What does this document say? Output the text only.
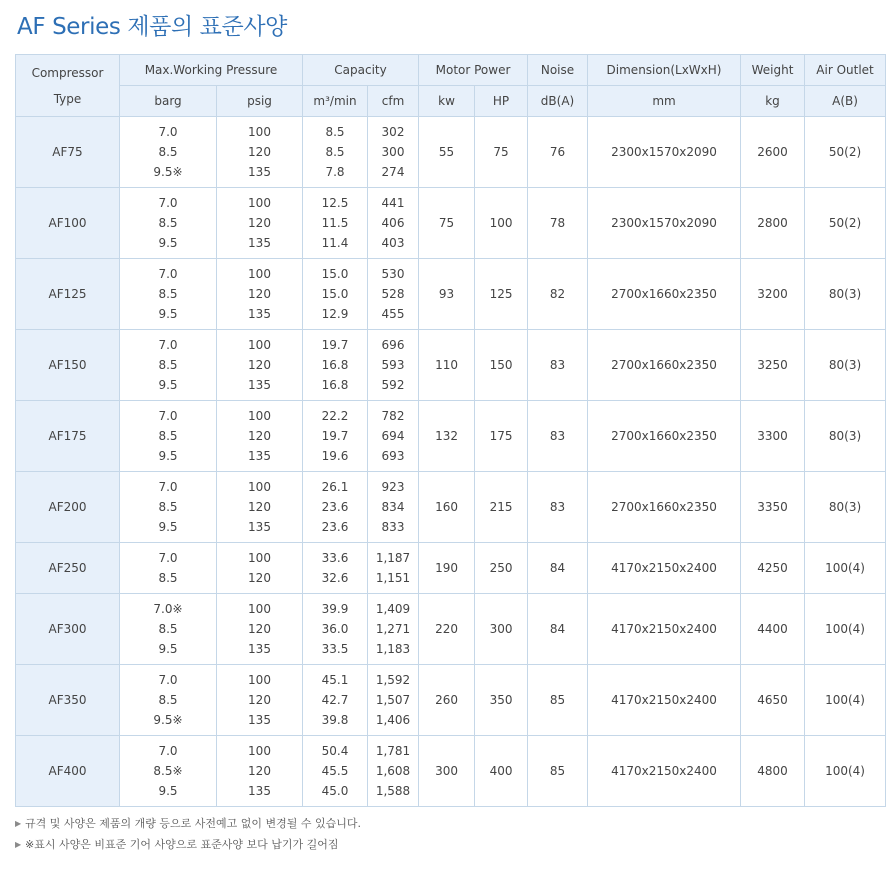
AF Series 제품의 표준사양
Compressor
Type	Max.Working Pressure		Capacity		Motor Power		Noise	Dimension(LxWxH)	Weight	Air Outlet
	barg	psig	m³/min	cfm	kw	HP	dB(A)	mm	kg	A(B)
AF75	7.0
8.5
9.5※	100
120
135	8.5
8.5
7.8	302
300
274	55	75	76	2300x1570x2090	2600	50(2)
AF100	7.0
8.5
9.5	100
120
135	12.5
11.5
11.4	441
406
403	75	100	78	2300x1570x2090	2800	50(2)
AF125	7.0
8.5
9.5	100
120
135	15.0
15.0
12.9	530
528
455	93	125	82	2700x1660x2350	3200	80(3)
AF150	7.0
8.5
9.5	100
120
135	19.7
16.8
16.8	696
593
592	110	150	83	2700x1660x2350	3250	80(3)
AF175	7.0
8.5
9.5	100
120
135	22.2
19.7
19.6	782
694
693	132	175	83	2700x1660x2350	3300	80(3)
AF200	7.0
8.5
9.5	100
120
135	26.1
23.6
23.6	923
834
833	160	215	83	2700x1660x2350	3350	80(3)
AF250	7.0
8.5	100
120	33.6
32.6	1,187
1,151	190	250	84	4170x2150x2400	4250	100(4)
AF300	7.0※
8.5
9.5	100
120
135	39.9
36.0
33.5	1,409
1,271
1,183	220	300	84	4170x2150x2400	4400	100(4)
AF350	7.0
8.5
9.5※	100
120
135	45.1
42.7
39.8	1,592
1,507
1,406	260	350	85	4170x2150x2400	4650	100(4)
AF400	7.0
8.5※
9.5	100
120
135	50.4
45.5
45.0	1,781
1,608
1,588	300	400	85	4170x2150x2400	4800	100(4)
▶ 규격 및 사양은 제품의 개량 등으로 사전예고 없이 변경될 수 있습니다.
▶ ※표시 사양은 비표준 기어 사양으로 표준사양 보다 납기가 길어짐
